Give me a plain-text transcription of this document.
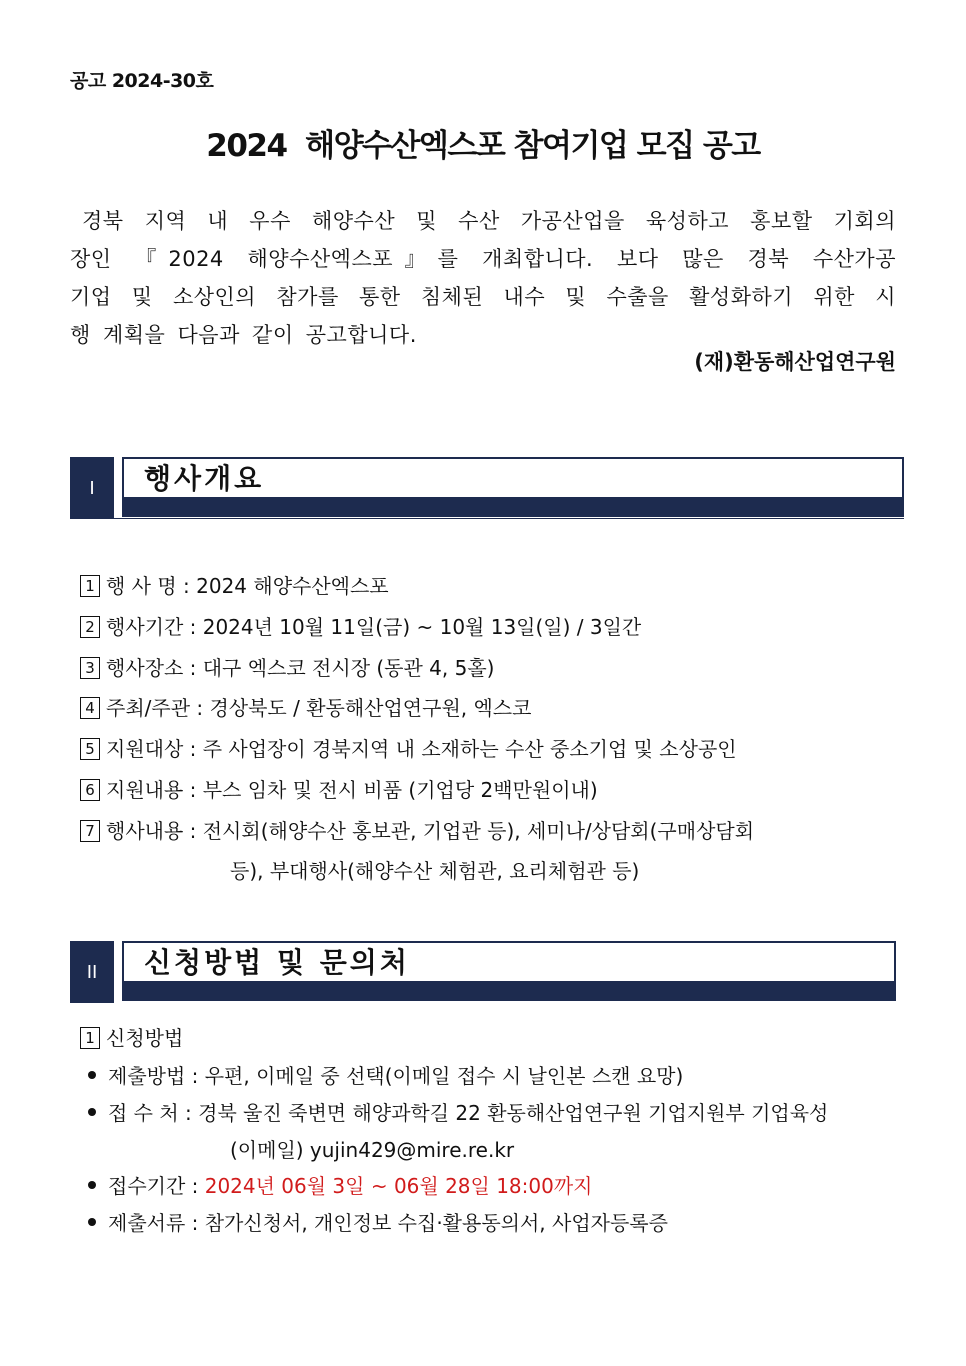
공고 2024-30호
2024  해양수산엑스포 참여기업 모집 공고
경북 지역 내 우수 해양수산 및 수산 가공산업을 육성하고 홍보할 기회의
장인 『2024 해양수산엑스포』를 개최합니다. 보다 많은 경북 수산가공
기업 및 소상인의 참가를 통한 침체된 내수 및 수출을 활성화하기 위한 시
행 계획을 다음과 같이 공고합니다.
(재)환동해산업연구원
I	행사개요
1 행 사 명 : 2024 해양수산엑스포
2 행사기간 : 2024년 10월 11일(금) ~ 10월 13일(일) / 3일간
3 행사장소 : 대구 엑스코 전시장 (동관 4, 5홀)
4 주최/주관 : 경상북도 / 환동해산업연구원, 엑스코
5 지원대상 : 주 사업장이 경북지역 내 소재하는 수산 중소기업 및 소상공인
6 지원내용 : 부스 임차 및 전시 비품 (기업당 2백만원이내)
7 행사내용 : 전시회(해양수산 홍보관, 기업관 등), 세미나/상담회(구매상담회
등), 부대행사(해양수산 체험관, 요리체험관 등)
II	신청방법 및 문의처
1 신청방법
제출방법 : 우편, 이메일 중 선택(이메일 접수 시 날인본 스캔 요망)
접 수 처 : 경북 울진 죽변면 해양과학길 22 환동해산업연구원 기업지원부 기업육성
(이메일) yujin429@mire.re.kr
접수기간 : 2024년 06월 3일 ~ 06월 28일 18:00까지
제출서류 : 참가신청서, 개인정보 수집·활용동의서, 사업자등록증
